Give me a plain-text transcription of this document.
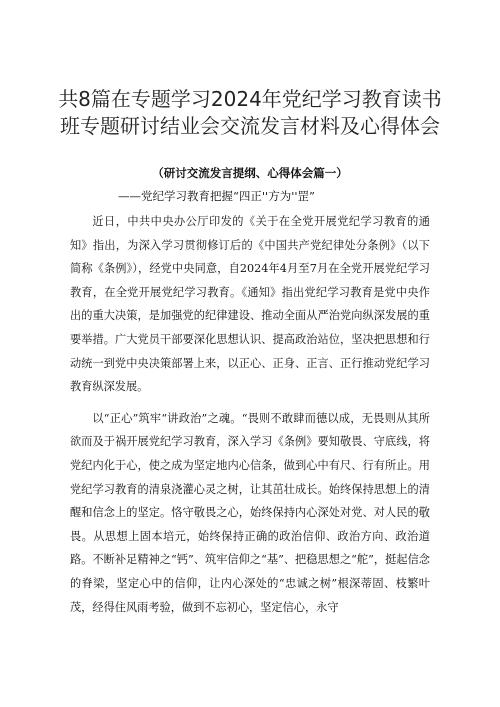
共8篇在专题学习2024年党纪学习教育读书
班专题研讨结业会交流发言材料及心得体会
（研讨交流发言提纲、心得体会篇一）
——党纪学习教育把握“四正''方为''罡”

近日，中共中央办公厅印发的《关于在全党开展党纪学习教育的通知》指出，为深入学习贯彻修订后的《中国共产党纪律处分条例》（以下简称《条例》），经党中央同意，自2024年4月至7月在全党开展党纪学习教育，在全党开展党纪学习教育。《通知》指出党纪学习教育是党中央作出的重大决策，是加强党的纪律建设、推动全面从严治党向纵深发展的重要举措。广大党员干部要深化思想认识、提高政治站位，坚决把思想和行动统一到党中央决策部署上来，以正心、正身、正言、正行推动党纪学习教育纵深发展。

以“正心”筑牢“讲政治”之魂。“畏则不敢肆而德以成，无畏则从其所欲而及于祸开展党纪学习教育，深入学习《条例》要知敬畏、守底线，将党纪内化于心，使之成为坚定地内心信条，做到心中有尺、行有所止。用党纪学习教育的清泉浇灌心灵之树，让其茁壮成长。始终保持思想上的清醒和信念上的坚定。恪守敬畏之心，始终保持内心深处对党、对人民的敬畏。从思想上固本培元，始终保持正确的政治信仰、政治方向、政治道路。不断补足精神之“钙”、筑牢信仰之“基”、把稳思想之“舵”，挺起信念的脊梁，坚定心中的信仰，让内心深处的“忠诚之树”根深蒂固、枝繁叶茂，经得住风雨考验，做到不忘初心，坚定信心，永守
